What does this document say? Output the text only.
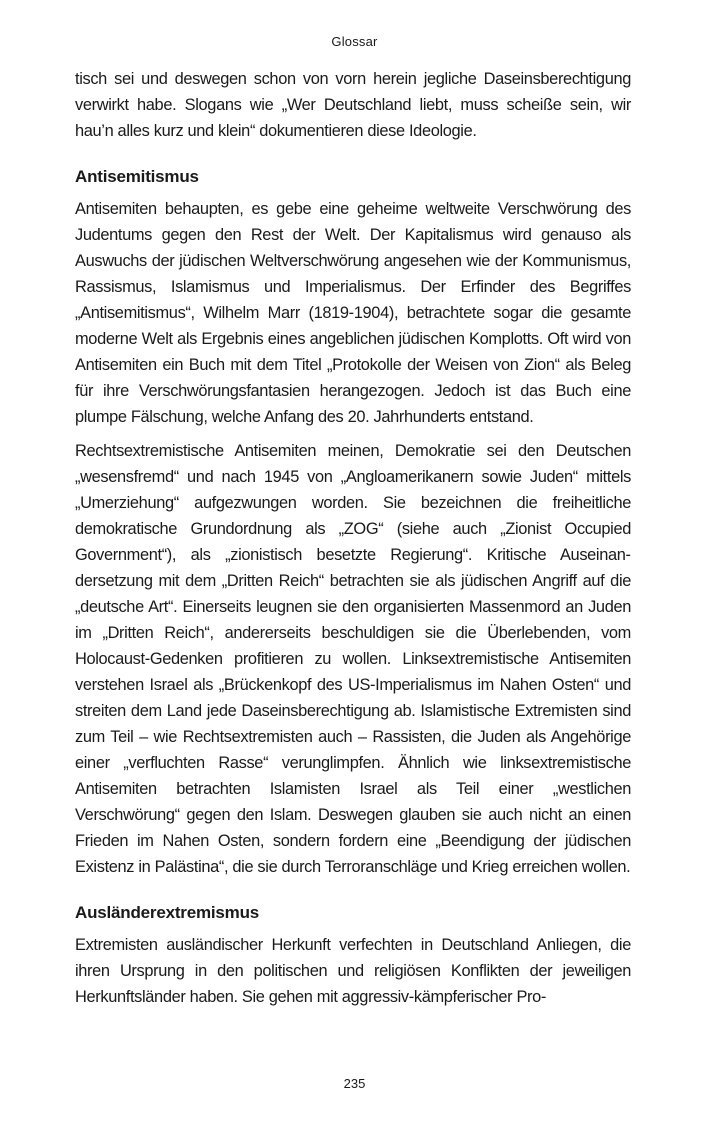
Glossar

tisch sei und deswegen schon von vorn herein jegliche Daseinsberechtigung verwirkt habe. Slogans wie „Wer Deutschland liebt, muss scheiße sein, wir hau’n alles kurz und klein“ dokumentieren diese Ideologie.

Antisemitismus

Antisemiten behaupten, es gebe eine geheime weltweite Verschwörung des Judentums gegen den Rest der Welt. Der Kapitalismus wird genauso als Auswuchs der jüdischen Weltverschwörung angesehen wie der Kommunismus, Rassismus, Islamismus und Imperialismus. Der Erfinder des Begriffes „Antisemitismus“, Wilhelm Marr (1819-1904), betrachtete sogar die gesamte moderne Welt als Ergebnis eines angeblichen jüdischen Komplotts. Oft wird von Antisemiten ein Buch mit dem Titel „Protokolle der Weisen von Zion“ als Beleg für ihre Verschwörungsfantasien herangezogen. Jedoch ist das Buch eine plumpe Fälschung, welche Anfang des 20. Jahrhunderts entstand.

Rechtsextremistische Antisemiten meinen, Demokratie sei den Deutschen „wesensfremd“ und nach 1945 von „Angloamerikanern sowie Juden“ mittels „Umerziehung“ aufgezwungen worden. Sie bezeichnen die freiheitliche demokratische Grundordnung als „ZOG“ (siehe auch „Zionist Occupied Government“), als „zionistisch besetzte Regierung“. Kritische Auseinandersetzung mit dem „Dritten Reich“ betrachten sie als jüdischen Angriff auf die „deutsche Art“. Einerseits leugnen sie den organisierten Massenmord an Juden im „Dritten Reich“, andererseits beschuldigen sie die Überlebenden, vom Holocaust-Gedenken profitieren zu wollen. Linksextremistische Antisemiten verstehen Israel als „Brückenkopf des US-Imperialismus im Nahen Osten“ und streiten dem Land jede Daseinsberechtigung ab. Islamistische Extremisten sind zum Teil – wie Rechtsextremisten auch – Rassisten, die Juden als Angehörige einer „verfluchten Rasse“ verunglimpfen. Ähnlich wie linksextremistische Antisemiten betrachten Islamisten Israel als Teil einer „westlichen Verschwörung“ gegen den Islam. Deswegen glauben sie auch nicht an einen Frieden im Nahen Osten, sondern fordern eine „Beendigung der jüdischen Existenz in Palästina“, die sie durch Terroranschläge und Krieg erreichen wollen.

Ausländerextremismus

Extremisten ausländischer Herkunft verfechten in Deutschland Anliegen, die ihren Ursprung in den politischen und religiösen Konflikten der jeweiligen Herkunftsländer haben. Sie gehen mit aggressiv-kämpferischer Pro-

235
